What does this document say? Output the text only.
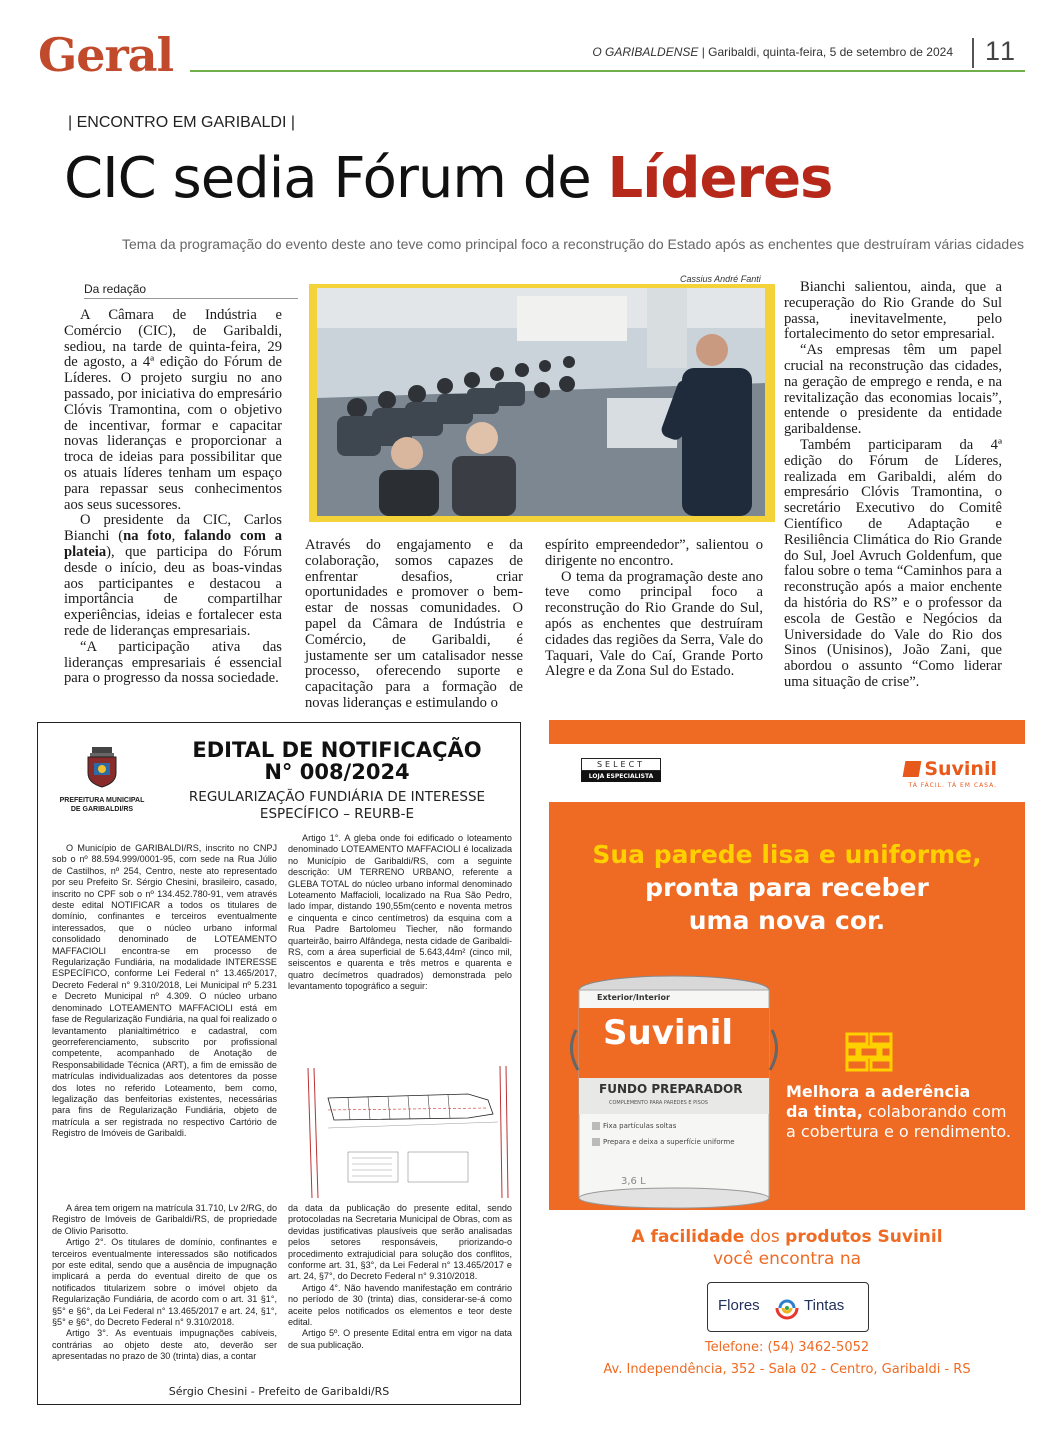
Geral	O GARIBALDENSE | Garibaldi, quinta-feira, 5 de setembro de 2024 11
| ENCONTRO EM GARIBALDI |
CIC sedia Fórum de Líderes
Tema da programação do evento deste ano teve como principal foco a reconstrução do Estado após as enchentes que destruíram várias cidades
Da redação

A Câmara de Indústria e Comércio (CIC), de Garibaldi, sediou, na tarde de quinta-feira, 29 de agosto, a 4ª edição do Fórum de Líderes. O projeto surgiu no ano passado, por iniciativa do empresário Clóvis Tramontina, com o objetivo de incentivar, formar e capacitar novas lideranças e proporcionar a troca de ideias para possibilitar que os atuais líderes tenham um espaço para repassar seus conhecimentos aos seus sucessores.

O presidente da CIC, Carlos Bianchi (na foto, falando com a plateia), que participa do Fórum desde o início, deu as boas-vindas aos participantes e destacou a importância de compartilhar experiências, ideias e fortalecer esta rede de lideranças empresariais.

“A participação ativa das lideranças empresariais é essencial para o progresso da nossa sociedade.

Cassius André Fanti

Através do engajamento e da colaboração, somos capazes de enfrentar desafios, criar oportunidades e promover o bem-estar de nossas comunidades. O papel da Câmara de Indústria e Comércio, de Garibaldi, é justamente ser um catalisador nesse processo, oferecendo suporte e capacitação para a formação de novas lideranças e estimulando o

espírito empreendedor”, salientou o dirigente no encontro.

O tema da programação deste ano teve como principal foco a reconstrução do Rio Grande do Sul, após as enchentes que destruíram cidades das regiões da Serra, Vale do Taquari, Vale do Caí, Grande Porto Alegre e da Zona Sul do Estado.

Bianchi salientou, ainda, que a recuperação do Rio Grande do Sul passa, inevitavelmente, pelo fortalecimento do setor empresarial.

“As empresas têm um papel crucial na reconstrução das cidades, na geração de emprego e renda, e na revitalização das economias locais”, entende o presidente da entidade garibaldense.

Também participaram da 4ª edição do Fórum de Líderes, realizada em Garibaldi, além do empresário Clóvis Tramontina, o secretário Executivo do Comitê Científico de Adaptação e Resiliência Climática do Rio Grande do Sul, Joel Avruch Goldenfum, que falou sobre o tema “Caminhos para a reconstrução após a maior enchente da história do RS” e o professor da escola de Gestão e Negócios da Universidade do Vale do Rio dos Sinos (Unisinos), João Zani, que abordou o assunto “Como liderar uma situação de crise”.

PREFEITURA MUNICIPAL
DE GARIBALDI/RS
EDITAL DE NOTIFICAÇÃO
N° 008/2024
REGULARIZAÇÃO FUNDIÁRIA DE INTERESSE
ESPECÍFICO – REURB-E

O Município de GARIBALDI/RS, inscrito no CNPJ sob o nº 88.594.999/0001-95, com sede na Rua Júlio de Castilhos, nº 254, Centro, neste ato representado por seu Prefeito Sr. Sérgio Chesini, brasileiro, casado, inscrito no CPF sob o nº 134.452.780-91, vem através deste edital NOTIFICAR a todos os titulares de domínio, confinantes e terceiros eventualmente interessados, que o núcleo urbano informal consolidado denominado de LOTEAMENTO MAFFACIOLI encontra-se em processo de Regularização Fundiária, na modalidade INTERESSE ESPECÍFICO, conforme Lei Federal n° 13.465/2017, Decreto Federal n° 9.310/2018, Lei Municipal nº 5.231 e Decreto Municipal nº 4.309. O núcleo urbano denominado LOTEAMENTO MAFFACIOLI está em fase de Regularização Fundiária, na qual foi realizado o levantamento planialtimétrico e cadastral, com georreferenciamento, subscrito por profissional competente, acompanhado de Anotação de Responsabilidade Técnica (ART), a fim de emissão de matrículas individualizadas aos detentores da posse dos lotes no referido Loteamento, bem como, legalização das benfeitorias existentes, necessárias para fins de Regularização Fundiária, objeto de matrícula a ser registrada no respectivo Cartório de Registro de Imóveis de Garibaldi.

Artigo 1°. A gleba onde foi edificado o loteamento denominado LOTEAMENTO MAFFACIOLI é localizada no Município de Garibaldi/RS, com a seguinte descrição: UM TERRENO URBANO, referente a GLEBA TOTAL do núcleo urbano informal denominado Loteamento Maffacioli, localizado na Rua São Pedro, lado ímpar, distando 190,55m(cento e noventa metros e cinquenta e cinco centímetros) da esquina com a Rua Padre Bartolomeu Tiecher, não formando quarteirão, bairro Alfândega, nesta cidade de Garibaldi-RS, com a área superficial de 5.643,44m² (cinco mil, seiscentos e quarenta e três metros e quarenta e quatro decímetros quadrados) demonstrada pelo levantamento topográfico a seguir:

A área tem origem na matrícula 31.710, Lv 2/RG, do Registro de Imóveis de Garibaldi/RS, de propriedade de Olivio Parisotto.

Artigo 2°. Os titulares de domínio, confinantes e terceiros eventualmente interessados são notificados por este edital, sendo que a ausência de impugnação implicará a perda do eventual direito de que os notificados titularizem sobre o imóvel objeto da Regularização Fundiária, de acordo com o art. 31 §1°, §5° e §6°, da Lei Federal n° 13.465/2017 e art. 24, §1°, §5° e §6°, do Decreto Federal n° 9.310/2018.

Artigo 3°. As eventuais impugnações cabíveis, contrárias ao objeto deste ato, deverão ser apresentadas no prazo de 30 (trinta) dias, a contar

da data da publicação do presente edital, sendo protocoladas na Secretaria Municipal de Obras, com as devidas justificativas plausíveis que serão analisadas pelos setores responsáveis, priorizando-o procedimento extrajudicial para solução dos conflitos, conforme art. 31, §3°, da Lei Federal n° 13.465/2017 e art. 24, §7°, do Decreto Federal n° 9.310/2018.

Artigo 4°. Não havendo manifestação em contrário no período de 30 (trinta) dias, considerar-se-á como aceite pelos notificados os elementos e teor deste edital.

Artigo 5º. O presente Edital entra em vigor na data de sua publicação.

Sérgio Chesini - Prefeito de Garibaldi/RS
SELECT
LOJA ESPECIALISTA	Suvinil
TÁ FÁCIL. TÁ EM CASA.
Sua parede lisa e uniforme,
pronta para receber
uma nova cor.
Exterior/Interior
Suvinil
FUNDO PREPARADOR
COMPLEMENTO PARA PAREDES E PISOS
Fixa partículas soltas
Prepara e deixa a superfície uniforme
3,6 L
Melhora a aderência
da tinta, colaborando com a cobertura e o rendimento.
A facilidade dos produtos Suvinil
você encontra na
Flores	Tintas
Telefone: (54) 3462-5052
Av. Independência, 352 - Sala 02 - Centro, Garibaldi - RS
